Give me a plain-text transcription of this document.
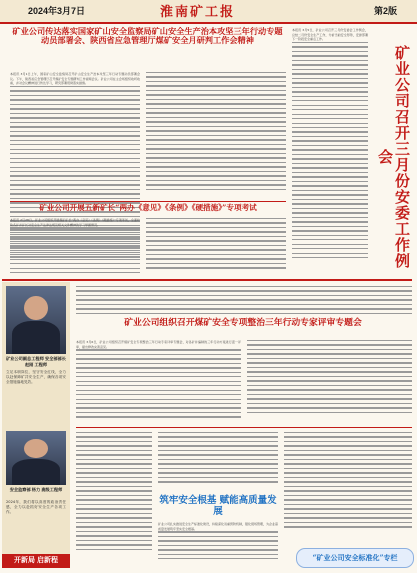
2024年3月7日	淮南矿工报	第2版
矿业公司传达落实国家矿山安全监察局矿山安全生产治本攻坚三年行动专题动员部署会、陕西省应急管理厅煤矿安全月研判工作会精神
本报讯 3月1日上午，国家矿山安全监察局召开矿山安全生产治本攻坚三年行动专题动员部署会议。下午，陕西省应急管理厅召开煤矿安全专题研判工作视频会议。矿业公司在主会场组织收听收看，并对会议精神进行传达学习，研究部署贯彻落实措施。
本报讯 3月5日，矿业公司召开三月份安委会工作例会，总结二月份安全生产工作，分析当前安全形势，安排部署下一阶段安全重点工作。
矿业公司召开三月份安委工作例会
矿业公司开展五新矿长“两办《意见》《条例》《硬措施》”专项考试
本报讯 2月28日，矿业公司组织开展煤矿矿长“两办《意见》《条例》《硬措施》”专项考试，全面检验各矿井矿长对安全生产法律法规及相关文件精神的学习掌握情况。
矿业公司副总工程师 安全部部长 赵刚 工程师
立足本职岗位，坚守安全红线，全力以赴保障矿井安全生产，确保各项安全措施落地见效。
安全监察部 杨力 高级工程师
2024年，我们将以高度的政治责任感，全力以赴抓好安全生产各项工作。
开新局 启新程
矿业公司组织召开煤矿安全专项整治三年行动专家评审专题会
本报讯 3月6日，矿业公司组织召开煤矿安全专项整治三年行动专家评审专题会，对各矿井编制的三年行动方案进行逐一评审，提出修改完善意见。
筑牢安全根基 赋能高质量发展
矿业公司扎实推进安全生产标准化建设，持续深化双重预防机制，强化现场管理，为企业高质量发展筑牢坚实安全根基。
“矿业公司安全标准化”专栏
